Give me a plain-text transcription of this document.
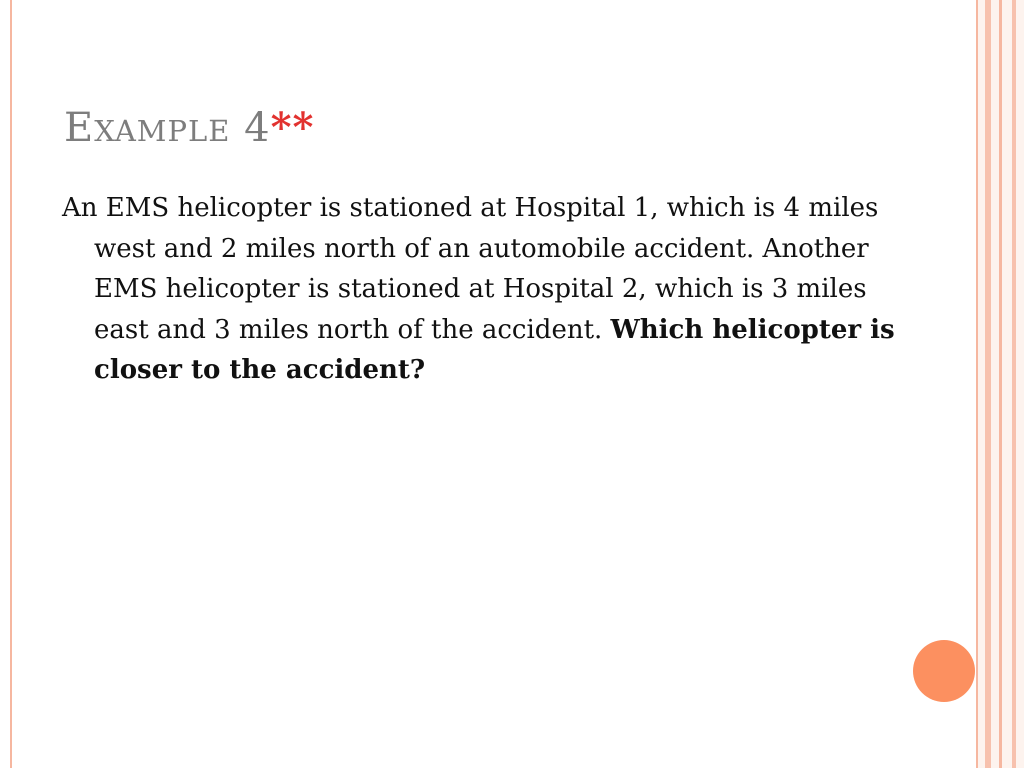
EXAMPLE 4**
An EMS helicopter is stationed at Hospital 1, which is 4 miles west and 2 miles north of an automobile accident. Another EMS helicopter is stationed at Hospital 2, which is 3 miles east and 3 miles north of the accident. Which helicopter is closer to the accident?
